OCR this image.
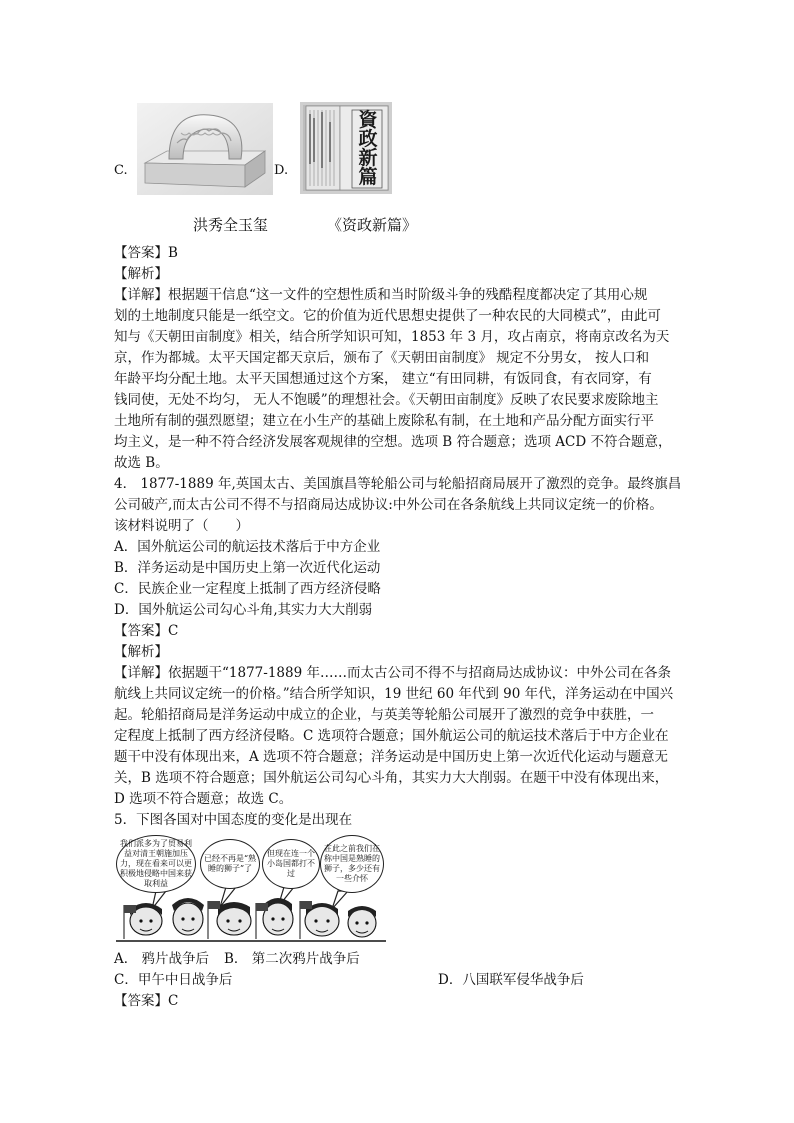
C.	D.
資政新篇
洪秀全玉玺	《资政新篇》
【答案】B
【解析】
【详解】根据题干信息“这一文件的空想性质和当时阶级斗争的残酷程度都决定了其用心规
划的土地制度只能是一纸空文。它的价值为近代思想史提供了一种农民的大同模式”，由此可
知与《天朝田亩制度》相关，结合所学知识可知，1853 年 3 月，攻占南京，将南京改名为天
京，作为都城。太平天国定都天京后，颁布了《天朝田亩制度》 规定不分男女， 按人口和
年龄平均分配土地。太平天国想通过这个方案， 建立“有田同耕，有饭同食，有衣同穿，有
钱同使，无处不均匀， 无人不饱暖”的理想社会。《天朝田亩制度》反映了农民要求废除地主
土地所有制的强烈愿望；建立在小生产的基础上废除私有制，在土地和产品分配方面实行平
均主义，是一种不符合经济发展客观规律的空想。选项 B 符合题意；选项 ACD 不符合题意，
故选 B。
4． 1877-1889 年,英国太古、美国旗昌等轮船公司与轮船招商局展开了激烈的竞争。最终旗昌
公司破产,而太古公司不得不与招商局达成协议:中外公司在各条航线上共同议定统一的价格。
该材料说明了（　　）
A．国外航运公司的航运技术落后于中方企业
B．洋务运动是中国历史上第一次近代化运动
C．民族企业一定程度上抵制了西方经济侵略
D．国外航运公司勾心斗角,其实力大大削弱
【答案】C
【解析】
【详解】依据题干“1877-1889 年……而太古公司不得不与招商局达成协议：中外公司在各条
航线上共同议定统一的价格。”结合所学知识，19 世纪 60 年代到 90 年代，洋务运动在中国兴
起。轮船招商局是洋务运动中成立的企业，与英美等轮船公司展开了激烈的竞争中获胜，一
定程度上抵制了西方经济侵略。C 选项符合题意；国外航运公司的航运技术落后于中方企业在
题干中没有体现出来，A 选项不符合题意；洋务运动是中国历史上第一次近代化运动与题意无
关，B 选项不符合题意；国外航运公司勾心斗角，其实力大大削弱。在题干中没有体现出来，
D 选项不符合题意；故选 C。
5．下图各国对中国态度的变化是出现在
我们派多为了贸易利益对清王朝施加压力，现在看来可以更积极地侵略中国来获取利益
已经不再是“熟睡的狮子”了
但现在连一个小岛国都打不过
在此之前我们在称中国是熟睡的狮子，多少还有一些介怀
A． 鸦片战争后 B． 第二次鸦片战争后
C．甲午中日战争后	D．八国联军侵华战争后
【答案】C
